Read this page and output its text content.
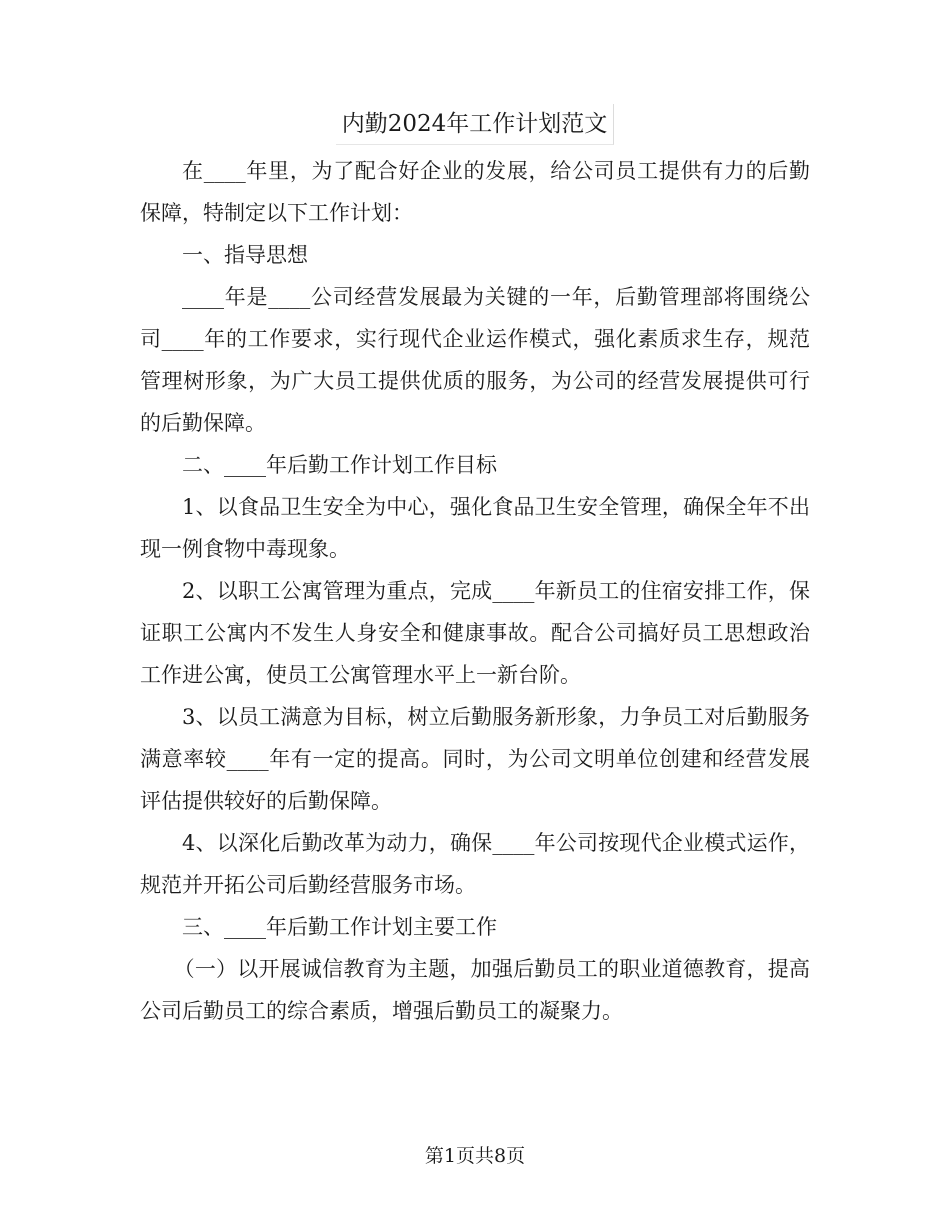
内勤2024年工作计划范文

在____年里，为了配合好企业的发展，给公司员工提供有力的后勤保障，特制定以下工作计划：

一、指导思想

____年是____公司经营发展最为关键的一年，后勤管理部将围绕公司____年的工作要求，实行现代企业运作模式，强化素质求生存，规范管理树形象，为广大员工提供优质的服务，为公司的经营发展提供可行的后勤保障。

二、____年后勤工作计划工作目标

1、以食品卫生安全为中心，强化食品卫生安全管理，确保全年不出现一例食物中毒现象。

2、以职工公寓管理为重点，完成____年新员工的住宿安排工作，保证职工公寓内不发生人身安全和健康事故。配合公司搞好员工思想政治工作进公寓，使员工公寓管理水平上一新台阶。

3、以员工满意为目标，树立后勤服务新形象，力争员工对后勤服务满意率较____年有一定的提高。同时，为公司文明单位创建和经营发展评估提供较好的后勤保障。

4、以深化后勤改革为动力，确保____年公司按现代企业模式运作，规范并开拓公司后勤经营服务市场。

三、____年后勤工作计划主要工作

（一）以开展诚信教育为主题，加强后勤员工的职业道德教育，提高公司后勤员工的综合素质，增强后勤员工的凝聚力。

第1页共8页
